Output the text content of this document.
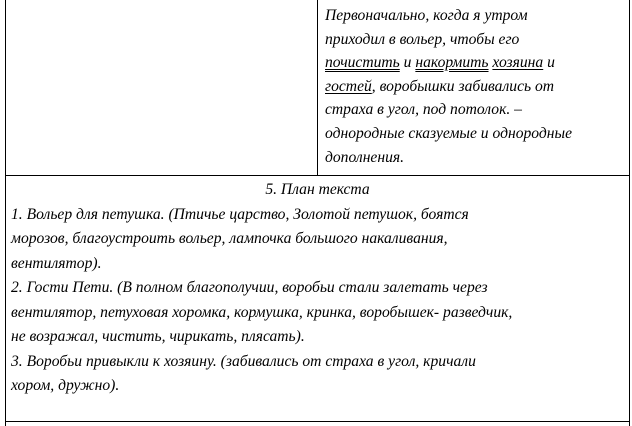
Первоначально, когда я утром

приходил в вольер, чтобы его

почистить и накормить хозяина и

гостей, воробышки забивались от

страха в угол, под потолок. –

однородные сказуемые и однородные

дополнения.

5. План текста

1. Вольер для петушка. (Птичье царство, Золотой петушок, боятся

морозов, благоустроить вольер, лампочка большого накаливания,

вентилятор).

2. Гости Пети. (В полном благополучии, воробьи стали залетать через

вентилятор, петуховая хоромка, кормушка, кринка, воробышек- разведчик,

не возражал, чистить, чирикать, плясать).

3. Воробьи привыкли к хозяину. (забивались от страха в угол, кричали

хором, дружно).
